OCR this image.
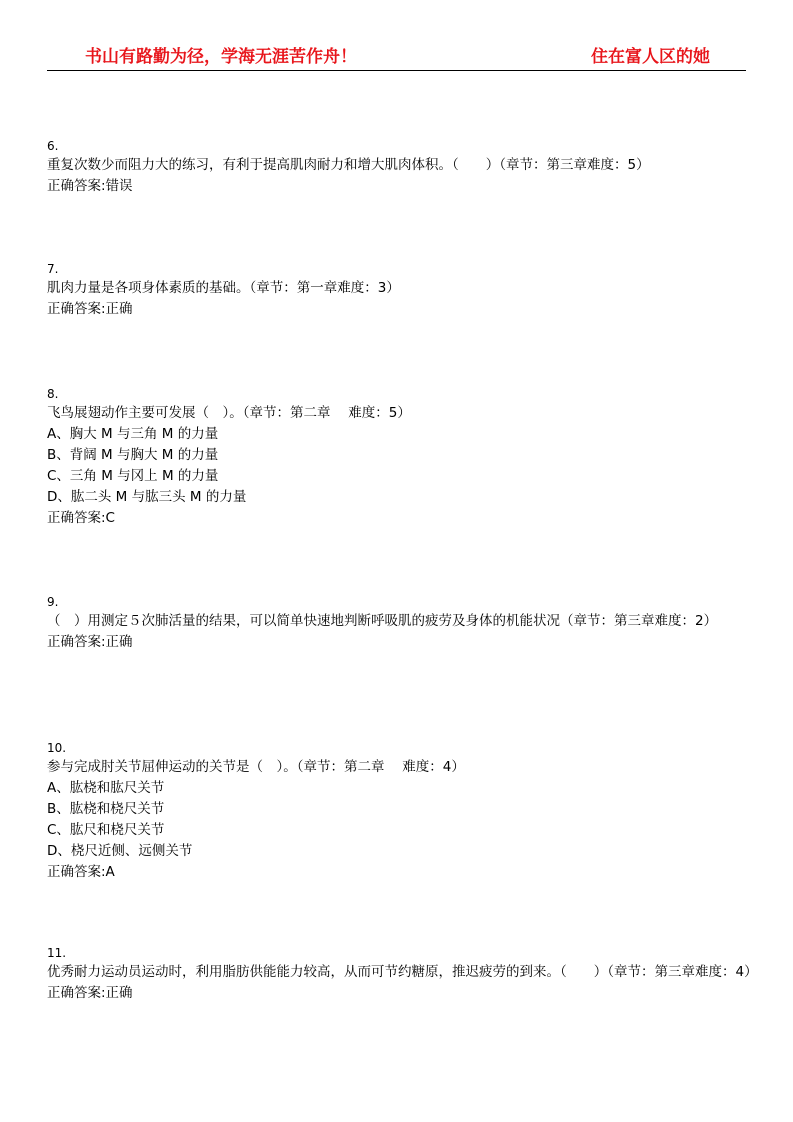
书山有路勤为径，学海无涯苦作舟！	住在富人区的她
6.
重复次数少而阻力大的练习，有利于提高肌肉耐力和增大肌肉体积。（　　）（章节：第三章难度：5）
正确答案:错误
7.
肌肉力量是各项身体素质的基础。（章节：第一章难度：3）
正确答案:正确
8.
飞鸟展翅动作主要可发展（　）。（章节：第二章　 难度：5）
A、胸大 M 与三角 M 的力量
B、背阔 M 与胸大 M 的力量
C、三角 M 与冈上 M 的力量
D、肱二头 M 与肱三头 M 的力量
正确答案:C
9.
（　）用测定５次肺活量的结果，可以简单快速地判断呼吸肌的疲劳及身体的机能状况（章节：第三章难度：2）
正确答案:正确
10.
参与完成肘关节屈伸运动的关节是（　）。（章节：第二章　 难度：4）
A、肱桡和肱尺关节
B、肱桡和桡尺关节
C、肱尺和桡尺关节
D、桡尺近侧、远侧关节
正确答案:A
11.
优秀耐力运动员运动时，利用脂肪供能能力较高，从而可节约糖原，推迟疲劳的到来。（　　）（章节：第三章难度：4）
正确答案:正确
